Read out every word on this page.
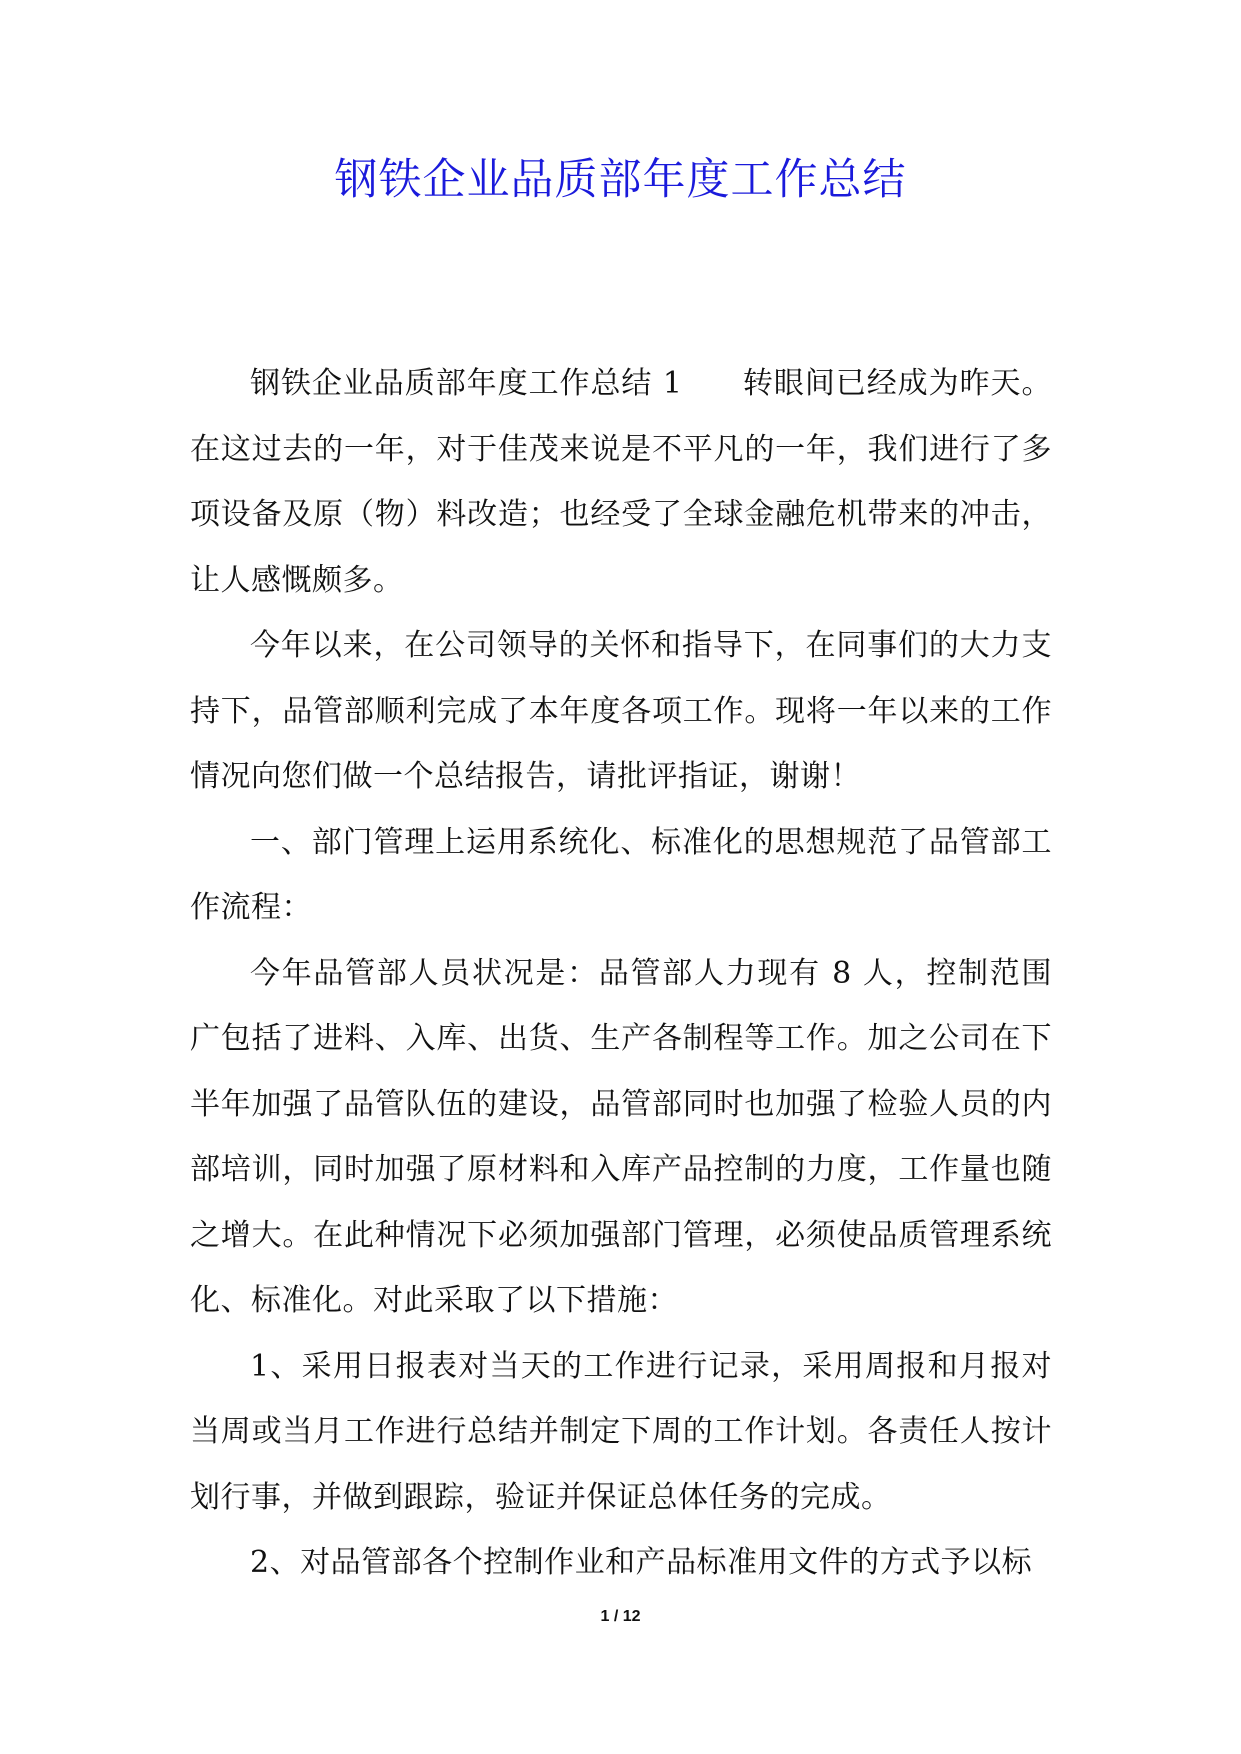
钢铁企业品质部年度工作总结

钢铁企业品质部年度工作总结 1 转眼间已经成为昨天。在这过去的一年，对于佳茂来说是不平凡的一年，我们进行了多项设备及原（物）料改造；也经受了全球金融危机带来的冲击，让人感慨颇多。

今年以来，在公司领导的关怀和指导下，在同事们的大力支持下，品管部顺利完成了本年度各项工作。现将一年以来的工作情况向您们做一个总结报告，请批评指证，谢谢！

一、部门管理上运用系统化、标准化的思想规范了品管部工作流程：

今年品管部人员状况是：品管部人力现有 8 人，控制范围广包括了进料、入库、出货、生产各制程等工作。加之公司在下半年加强了品管队伍的建设，品管部同时也加强了检验人员的内部培训，同时加强了原材料和入库产品控制的力度，工作量也随之增大。在此种情况下必须加强部门管理，必须使品质管理系统化、标准化。对此采取了以下措施：

1、采用日报表对当天的工作进行记录，采用周报和月报对当周或当月工作进行总结并制定下周的工作计划。各责任人按计划行事，并做到跟踪，验证并保证总体任务的完成。

2、对品管部各个控制作业和产品标准用文件的方式予以标

1 / 12
